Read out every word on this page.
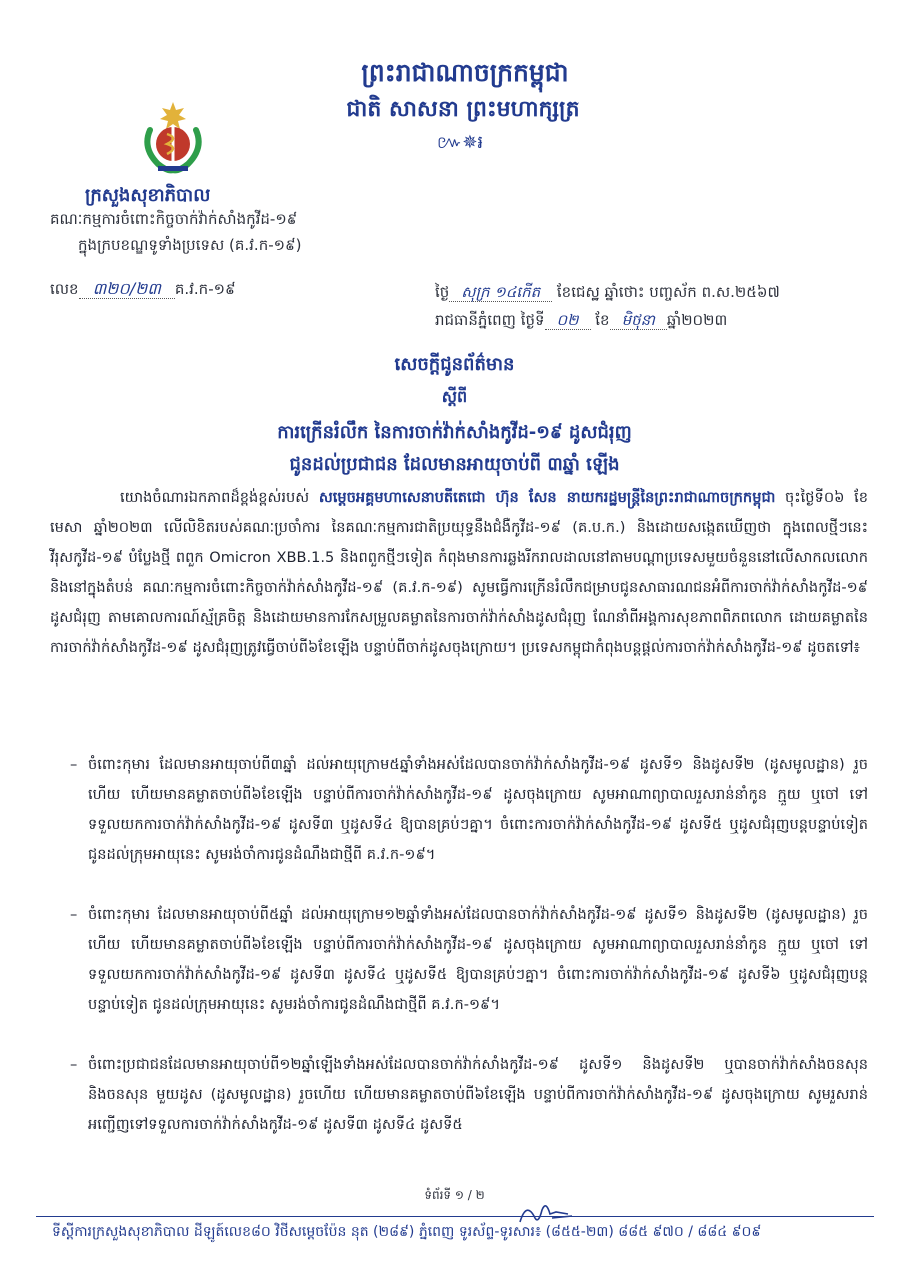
ព្រះរាជាណាចក្រកម្ពុជា
ជាតិ សាសនា ព្រះមហាក្សត្រ
៚✵៛
ក្រសួងសុខាភិបាល
គណៈកម្មការចំពោះកិច្ចចាក់វ៉ាក់សាំងកូវីដ-១៩
ក្នុងក្របខណ្ឌទូទាំងប្រទេស (គ.វ.ក-១៩)
លេខ ៣២០/២៣ គ.វ.ក-១៩	ថ្ងៃ សុក្រ ១៤កើត ខែជេស្ឋ ឆ្នាំថោះ បញ្ចស័ក ព.ស.២៥៦៧
រាជធានីភ្នំពេញ ថ្ងៃទី ០២ ខែ មិថុនា ឆ្នាំ២០២៣
សេចក្តីជូនព័ត៌មាន
ស្តីពី
ការក្រើនរំលឹក នៃការចាក់វ៉ាក់សាំងកូវីដ-១៩ ដូសជំរុញ
ជូនដល់ប្រជាជន ដែលមានអាយុចាប់ពី ៣ឆ្នាំ ឡើង
យោងចំណារឯកភាពដ៏ខ្ពង់ខ្ពស់របស់ សម្តេចអគ្គមហាសេនាបតីតេជោ ហ៊ុន សែន នាយករដ្ឋមន្ត្រីនៃព្រះរាជាណាចក្រកម្ពុជា ចុះថ្ងៃទី០៦ ខែមេសា ឆ្នាំ២០២៣ លើលិខិតរបស់គណៈប្រចាំការ នៃគណៈកម្មការជាតិប្រយុទ្ធនឹងជំងឺកូវីដ-១៩ (គ.ប.ក.) និងដោយសង្កេតឃើញថា ក្នុងពេលថ្មីៗនេះ វីរុសកូវីដ-១៩ បំប្លែងថ្មី ពពួក Omicron XBB.1.5 និងពពួកថ្មីៗទៀត កំពុងមានការឆ្លងរីករាលដាលនៅតាមបណ្តាប្រទេសមួយចំនួននៅលើសាកលលោក និងនៅក្នុងតំបន់ គណៈកម្មការចំពោះកិច្ចចាក់វ៉ាក់សាំងកូវីដ-១៩ (គ.វ.ក-១៩) សូមធ្វើការក្រើនរំលឹកជម្រាបជូនសាធារណជនអំពីការចាក់វ៉ាក់សាំងកូវីដ-១៩ ដូសជំរុញ តាមគោលការណ៍ស្ម័គ្រចិត្ត និងដោយមានការកែសម្រួលគម្លាតនៃការចាក់វ៉ាក់សាំងដូសជំរុញ ណែនាំពីអង្គការសុខភាពពិភពលោក ដោយគម្លាតនៃការចាក់វ៉ាក់សាំងកូវីដ-១៩ ដូសជំរុញត្រូវធ្វើចាប់ពី៦ខែឡើង បន្ទាប់ពីចាក់ដូសចុងក្រោយ។ ប្រទេសកម្ពុជាកំពុងបន្តផ្តល់ការចាក់វ៉ាក់សាំងកូវីដ-១៩ ដូចតទៅ៖
– ចំពោះកុមារ ដែលមានអាយុចាប់ពី៣ឆ្នាំ ដល់អាយុក្រោម៥ឆ្នាំទាំងអស់ដែលបានចាក់វ៉ាក់សាំងកូវីដ-១៩ ដូសទី១ និងដូសទី២ (ដូសមូលដ្ឋាន) រួចហើយ ហើយមានគម្លាតចាប់ពី៦ខែឡើង បន្ទាប់ពីការចាក់វ៉ាក់សាំងកូវីដ-១៩ ដូសចុងក្រោយ សូមអាណាព្យាបាលរួសរាន់នាំកូន ក្មួយ ឬចៅ ទៅទទួលយកការចាក់វ៉ាក់សាំងកូវីដ-១៩ ដូសទី៣ ឬដូសទី៤ ឱ្យបានគ្រប់ៗគ្នា។ ចំពោះការចាក់វ៉ាក់សាំងកូវីដ-១៩ ដូសទី៥ ឬដូសជំរុញបន្តបន្ទាប់ទៀត ជូនដល់ក្រុមអាយុនេះ សូមរង់ចាំការជូនដំណឹងជាថ្មីពី គ.វ.ក-១៩។
– ចំពោះកុមារ ដែលមានអាយុចាប់ពី៥ឆ្នាំ ដល់អាយុក្រោម១២ឆ្នាំទាំងអស់ដែលបានចាក់វ៉ាក់សាំងកូវីដ-១៩ ដូសទី១ និងដូសទី២ (ដូសមូលដ្ឋាន) រួចហើយ ហើយមានគម្លាតចាប់ពី៦ខែឡើង បន្ទាប់ពីការចាក់វ៉ាក់សាំងកូវីដ-១៩ ដូសចុងក្រោយ សូមអាណាព្យាបាលរួសរាន់នាំកូន ក្មួយ ឬចៅ ទៅទទួលយកការចាក់វ៉ាក់សាំងកូវីដ-១៩ ដូសទី៣ ដូសទី៤ ឬដូសទី៥ ឱ្យបានគ្រប់ៗគ្នា។ ចំពោះការចាក់វ៉ាក់សាំងកូវីដ-១៩ ដូសទី៦ ឬដូសជំរុញបន្តបន្ទាប់ទៀត ជូនដល់ក្រុមអាយុនេះ សូមរង់ចាំការជូនដំណឹងជាថ្មីពី គ.វ.ក-១៩។
– ចំពោះប្រជាជនដែលមានអាយុចាប់ពី១២ឆ្នាំឡើងទាំងអស់ដែលបានចាក់វ៉ាក់សាំងកូវីដ-១៩ ដូសទី១ និងដូសទី២ ឬបានចាក់វ៉ាក់សាំងចនសុន និងចនសុន មួយដូស (ដូសមូលដ្ឋាន) រួចហើយ ហើយមានគម្លាតចាប់ពី៦ខែឡើង បន្ទាប់ពីការចាក់វ៉ាក់សាំងកូវីដ-១៩ ដូសចុងក្រោយ សូមរួសរាន់អញ្ជើញទៅទទួលការចាក់វ៉ាក់សាំងកូវីដ-១៩ ដូសទី៣ ដូសទី៤ ដូសទី៥
ទំព័រទី ១ / ២
ទីស្តីការក្រសួងសុខាភិបាល ដីឡូត៍លេខ៨០ វិថីសម្តេចប៉ែន នុត (២៨៩) ភ្នំពេញ ទូរស័ព្ទ-ទូរសារ៖ (៨៥៥-២៣) ៨៨៥ ៩៧០ / ៨៨៤ ៩០៩
